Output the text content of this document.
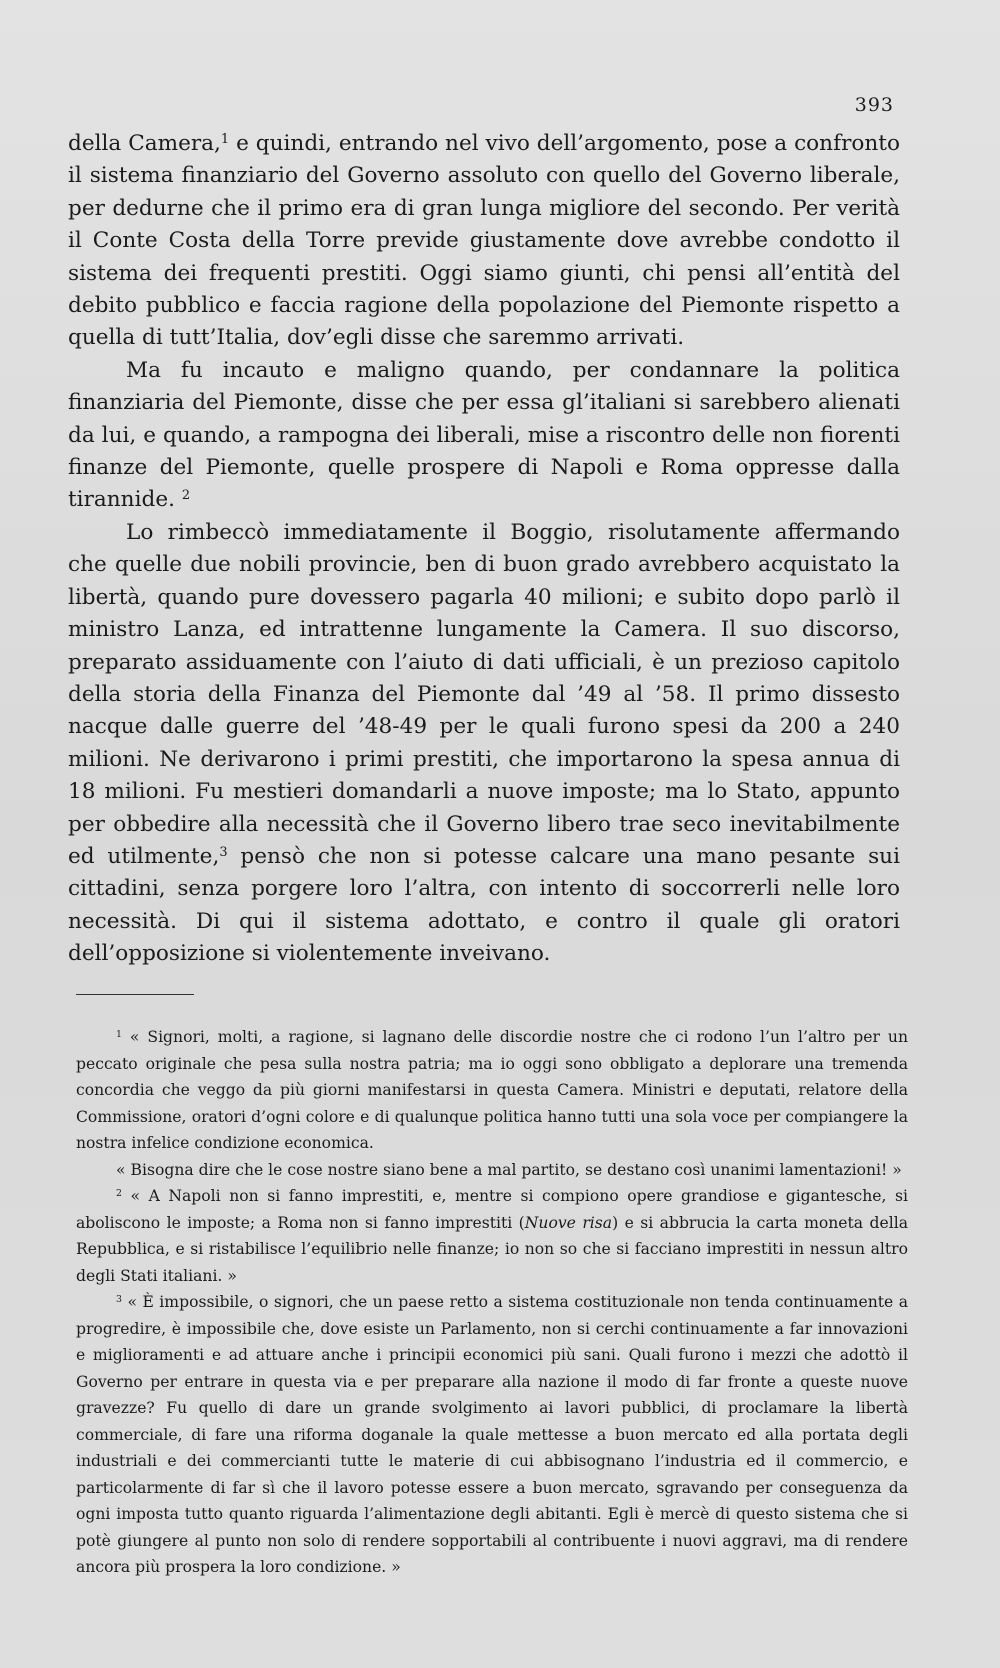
393

della Camera,$^1$ e quindi, entrando nel vivo dell’argomento, pose a confronto il sistema finanziario del Governo assoluto con quello del Governo liberale, per dedurne che il primo era di gran lunga migliore del secondo. Per verità il Conte Costa della Torre previde giustamente dove avrebbe condotto il sistema dei frequenti prestiti. Oggi siamo giunti, chi pensi all’entità del debito pubblico e faccia ragione della popolazione del Piemonte rispetto a quella di tutt’Italia, dov’egli disse che saremmo arrivati.

Ma fu incauto e maligno quando, per condannare la politica finanziaria del Piemonte, disse che per essa gl’italiani si sarebbero alienati da lui, e quando, a rampogna dei liberali, mise a riscontro delle non fiorenti finanze del Piemonte, quelle prospere di Napoli e Roma oppresse dalla tirannide. $^2$

Lo rimbeccò immediatamente il Boggio, risolutamente affermando che quelle due nobili provincie, ben di buon grado avrebbero acquistato la libertà, quando pure dovessero pagarla 40 milioni; e subito dopo parlò il ministro Lanza, ed intrattenne lungamente la Camera. Il suo discorso, preparato assiduamente con l’aiuto di dati ufficiali, è un prezioso capitolo della storia della Finanza del Piemonte dal ’49 al ’58. Il primo dissesto nacque dalle guerre del ’48-49 per le quali furono spesi da 200 a 240 milioni. Ne derivarono i primi prestiti, che importarono la spesa annua di 18 milioni. Fu mestieri domandarli a nuove imposte; ma lo Stato, appunto per obbedire alla necessità che il Governo libero trae seco inevitabilmente ed utilmente,$^3$ pensò che non si potesse calcare una mano pesante sui cittadini, senza porgere loro l’altra, con intento di soccorrerli nelle loro necessità. Di qui il sistema adottato, e contro il quale gli oratori dell’opposizione si violentemente inveivano.

$^1$ « Signori, molti, a ragione, si lagnano delle discordie nostre che ci rodono l’un l’altro per un peccato originale che pesa sulla nostra patria; ma io oggi sono obbligato a deplorare una tremenda concordia che veggo da più giorni manifestarsi in questa Camera. Ministri e deputati, relatore della Commissione, oratori d’ogni colore e di qualunque politica hanno tutti una sola voce per compiangere la nostra infelice condizione economica.

« Bisogna dire che le cose nostre siano bene a mal partito, se destano così unanimi lamentazioni! »

$^2$ « A Napoli non si fanno imprestiti, e, mentre si compiono opere grandiose e gigantesche, si aboliscono le imposte; a Roma non si fanno imprestiti (Nuove risa) e si abbrucia la carta moneta della Repubblica, e si ristabilisce l’equilibrio nelle finanze; io non so che si facciano imprestiti in nessun altro degli Stati italiani. »

$^3$ « È impossibile, o signori, che un paese retto a sistema costituzionale non tenda continuamente a progredire, è impossibile che, dove esiste un Parlamento, non si cerchi continuamente a far innovazioni e miglioramenti e ad attuare anche i principii economici più sani. Quali furono i mezzi che adottò il Governo per entrare in questa via e per preparare alla nazione il modo di far fronte a queste nuove gravezze? Fu quello di dare un grande svolgimento ai lavori pubblici, di proclamare la libertà commerciale, di fare una riforma doganale la quale mettesse a buon mercato ed alla portata degli industriali e dei commercianti tutte le materie di cui abbisognano l’industria ed il commercio, e particolarmente di far sì che il lavoro potesse essere a buon mercato, sgravando per conseguenza da ogni imposta tutto quanto riguarda l’alimentazione degli abitanti. Egli è mercè di questo sistema che si potè giungere al punto non solo di rendere sopportabili al contribuente i nuovi aggravi, ma di rendere ancora più prospera la loro condizione. »
